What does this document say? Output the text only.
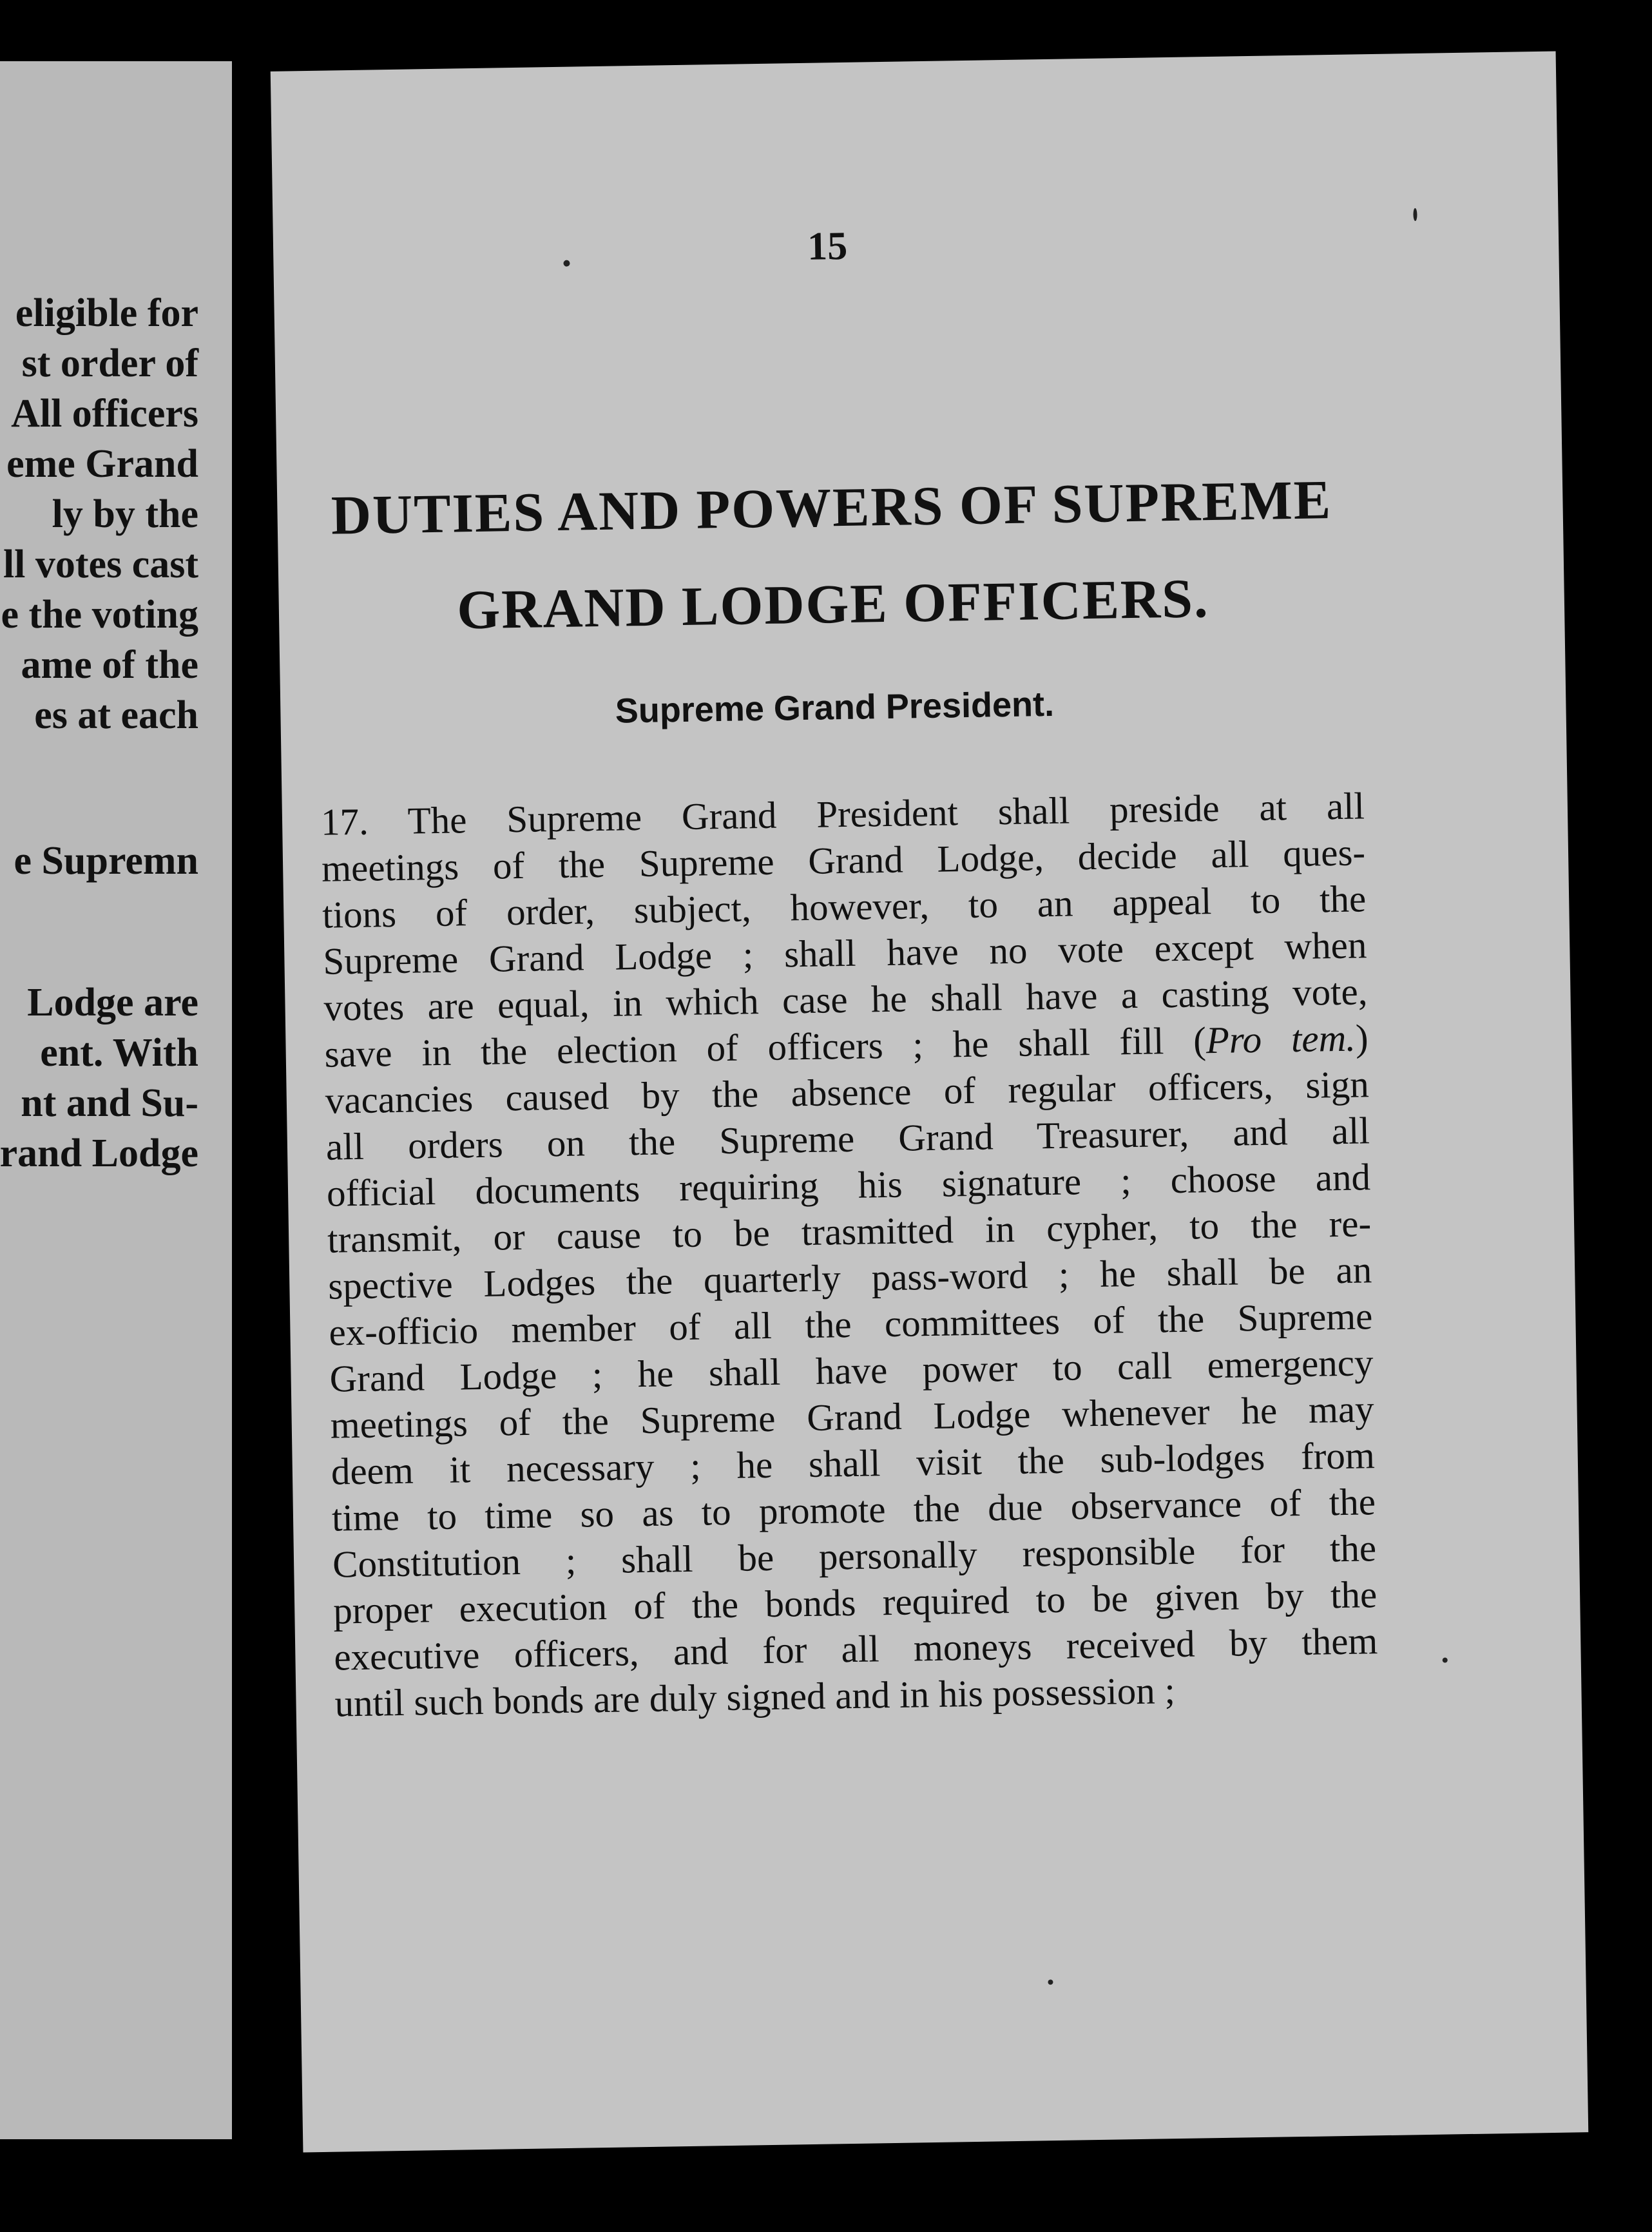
eligible for
st order of
All officers
eme Grand
ly by the
ll votes cast
e the voting
ame of the
es at each
e Supremn
Lodge are
ent. With
nt and Su-
rand Lodge
15
DUTIES AND POWERS OF SUPREME
GRAND LODGE OFFICERS.
Supreme Grand President.
17. The Supreme Grand President shall preside at all
meetings of the Supreme Grand Lodge, decide all ques-
tions of order, subject, however, to an appeal to the
Supreme Grand Lodge ; shall have no vote except when
votes are equal, in which case he shall have a casting vote,
save in the election of officers ; he shall fill (Pro tem.)
vacancies caused by the absence of regular officers, sign
all orders on the Supreme Grand Treasurer, and all
official documents requiring his signature ; choose and
transmit, or cause to be trasmitted in cypher, to the re-
spective Lodges the quarterly pass-word ; he shall be an
ex-officio member of all the committees of the Supreme
Grand Lodge ; he shall have power to call emergency
meetings of the Supreme Grand Lodge whenever he may
deem it necessary ; he shall visit the sub-lodges from
time to time so as to promote the due observance of the
Constitution ; shall be personally responsible for the
proper execution of the bonds required to be given by the
executive officers, and for all moneys received by them
until such bonds are duly signed and in his possession ;
